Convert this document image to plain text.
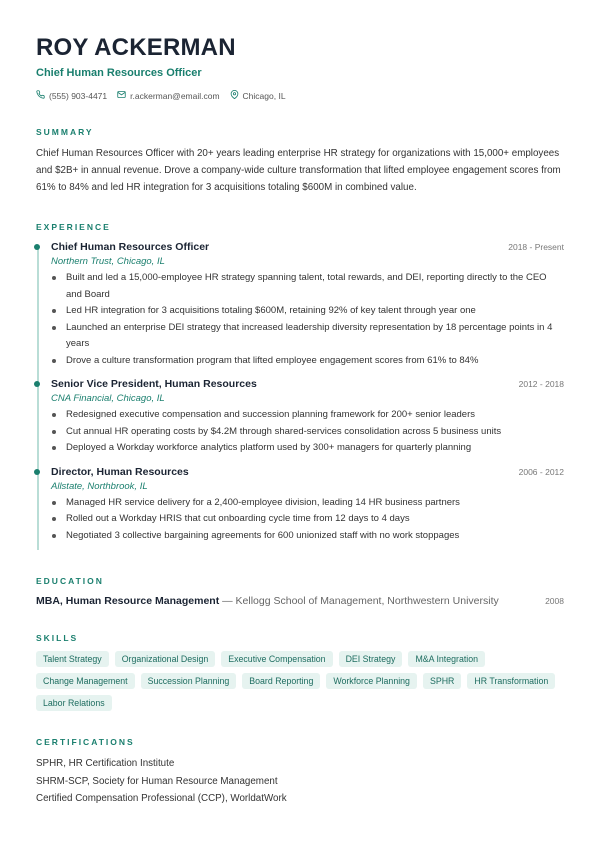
ROY ACKERMAN
Chief Human Resources Officer
(555) 903-4471	r.ackerman@email.com	Chicago, IL
SUMMARY
Chief Human Resources Officer with 20+ years leading enterprise HR strategy for organizations with 15,000+ employees and $2B+ in annual revenue. Drove a company-wide culture transformation that lifted employee engagement scores from 61% to 84% and led HR integration for 3 acquisitions totaling $600M in combined value.
EXPERIENCE
Chief Human Resources Officer	2018 - Present
Northern Trust, Chicago, IL
Built and led a 15,000-employee HR strategy spanning talent, total rewards, and DEI, reporting directly to the CEO and Board
Led HR integration for 3 acquisitions totaling $600M, retaining 92% of key talent through year one
Launched an enterprise DEI strategy that increased leadership diversity representation by 18 percentage points in 4 years
Drove a culture transformation program that lifted employee engagement scores from 61% to 84%
Senior Vice President, Human Resources	2012 - 2018
CNA Financial, Chicago, IL
Redesigned executive compensation and succession planning framework for 200+ senior leaders
Cut annual HR operating costs by $4.2M through shared-services consolidation across 5 business units
Deployed a Workday workforce analytics platform used by 300+ managers for quarterly planning
Director, Human Resources	2006 - 2012
Allstate, Northbrook, IL
Managed HR service delivery for a 2,400-employee division, leading 14 HR business partners
Rolled out a Workday HRIS that cut onboarding cycle time from 12 days to 4 days
Negotiated 3 collective bargaining agreements for 600 unionized staff with no work stoppages
EDUCATION
MBA, Human Resource Management — Kellogg School of Management, Northwestern University	2008
SKILLS
Talent Strategy	Organizational Design	Executive Compensation	DEI Strategy	M&A Integration
Change Management	Succession Planning	Board Reporting	Workforce Planning	SPHR	HR Transformation
Labor Relations
CERTIFICATIONS
SPHR, HR Certification Institute
SHRM-SCP, Society for Human Resource Management
Certified Compensation Professional (CCP), WorldatWork
